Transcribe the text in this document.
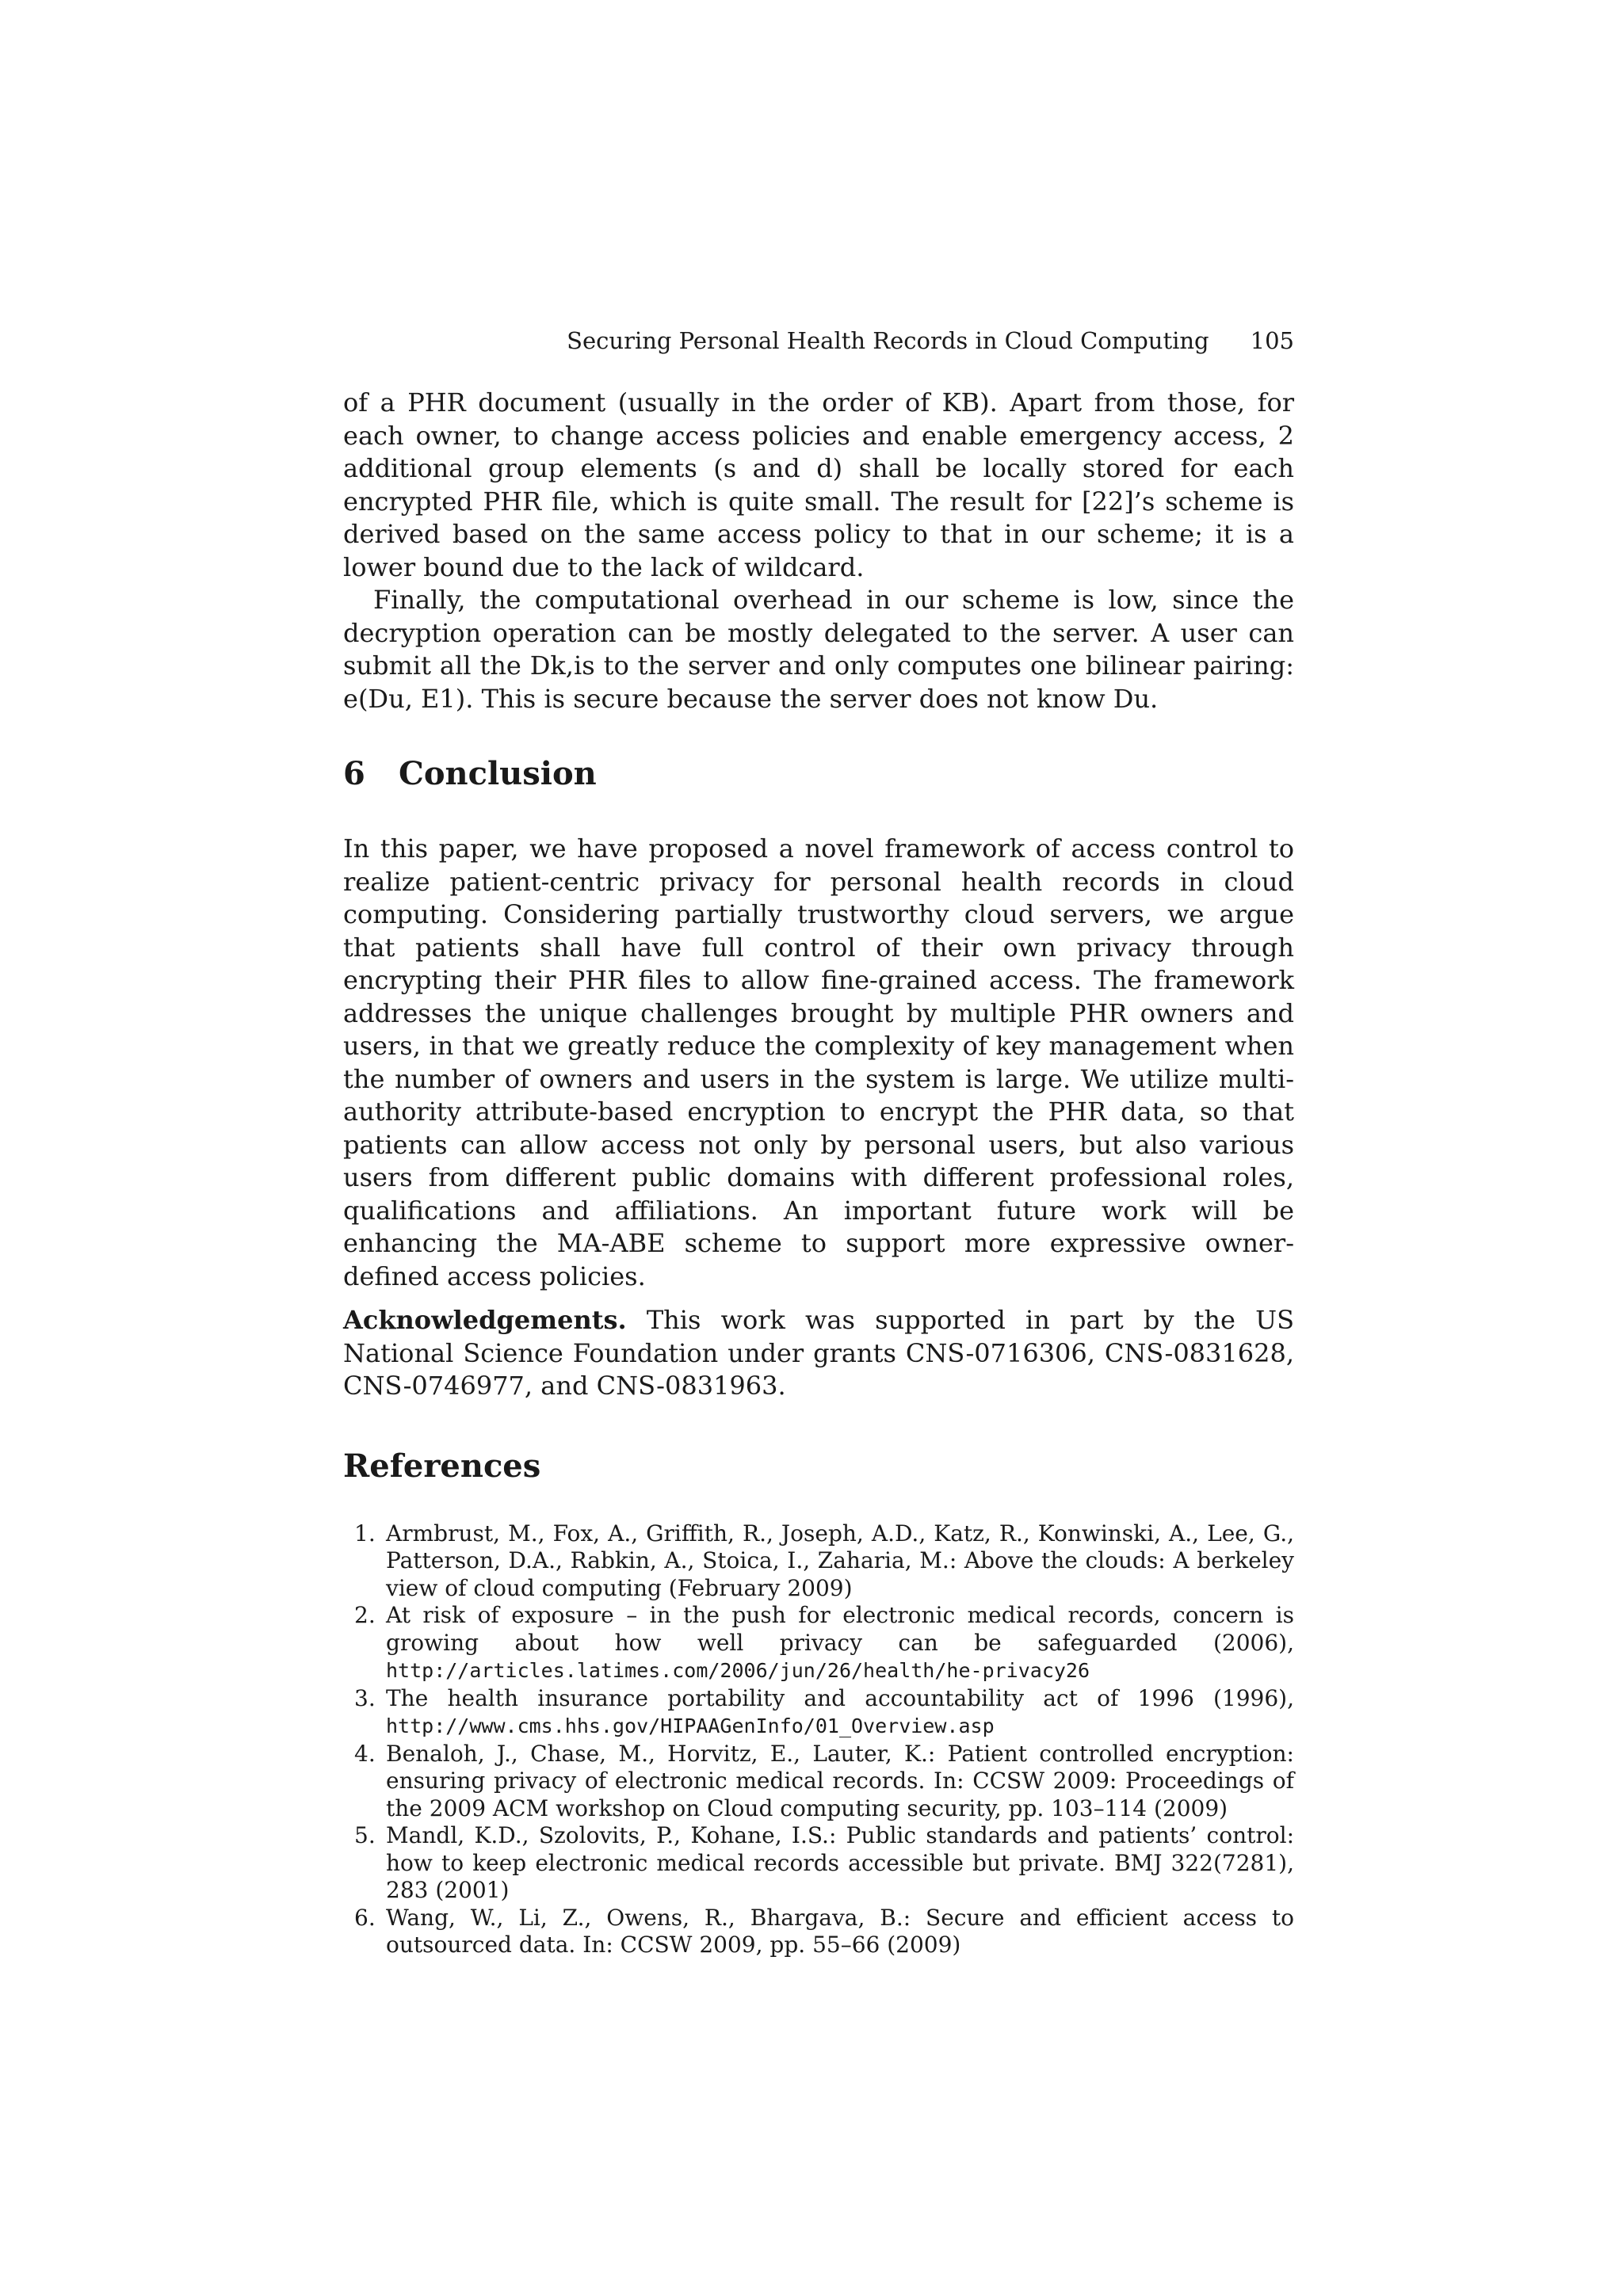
Securing Personal Health Records in Cloud Computing 105

of a PHR document (usually in the order of KB). Apart from those, for each owner, to change access policies and enable emergency access, 2 additional group elements (s and d) shall be locally stored for each encrypted PHR file, which is quite small. The result for [22]’s scheme is derived based on the same access policy to that in our scheme; it is a lower bound due to the lack of wildcard.

Finally, the computational overhead in our scheme is low, since the decryption operation can be mostly delegated to the server. A user can submit all the Dk,is to the server and only computes one bilinear pairing: e(Du, E1). This is secure because the server does not know Du.

6 Conclusion

In this paper, we have proposed a novel framework of access control to realize patient-centric privacy for personal health records in cloud computing. Considering partially trustworthy cloud servers, we argue that patients shall have full control of their own privacy through encrypting their PHR files to allow fine-grained access. The framework addresses the unique challenges brought by multiple PHR owners and users, in that we greatly reduce the complexity of key management when the number of owners and users in the system is large. We utilize multi-authority attribute-based encryption to encrypt the PHR data, so that patients can allow access not only by personal users, but also various users from different public domains with different professional roles, qualifications and affiliations. An important future work will be enhancing the MA-ABE scheme to support more expressive owner-defined access policies.

Acknowledgements. This work was supported in part by the US National Science Foundation under grants CNS-0716306, CNS-0831628, CNS-0746977, and CNS-0831963.

References
1. Armbrust, M., Fox, A., Griffith, R., Joseph, A.D., Katz, R., Konwinski, A., Lee, G., Patterson, D.A., Rabkin, A., Stoica, I., Zaharia, M.: Above the clouds: A berkeley view of cloud computing (February 2009)
2. At risk of exposure – in the push for electronic medical records, concern is growing about how well privacy can be safeguarded (2006), http://articles.latimes.com/2006/jun/26/health/he-privacy26
3. The health insurance portability and accountability act of 1996 (1996), http://www.cms.hhs.gov/HIPAAGenInfo/01_Overview.asp
4. Benaloh, J., Chase, M., Horvitz, E., Lauter, K.: Patient controlled encryption: ensuring privacy of electronic medical records. In: CCSW 2009: Proceedings of the 2009 ACM workshop on Cloud computing security, pp. 103–114 (2009)
5. Mandl, K.D., Szolovits, P., Kohane, I.S.: Public standards and patients’ control: how to keep electronic medical records accessible but private. BMJ 322(7281), 283 (2001)
6. Wang, W., Li, Z., Owens, R., Bhargava, B.: Secure and efficient access to outsourced data. In: CCSW 2009, pp. 55–66 (2009)
